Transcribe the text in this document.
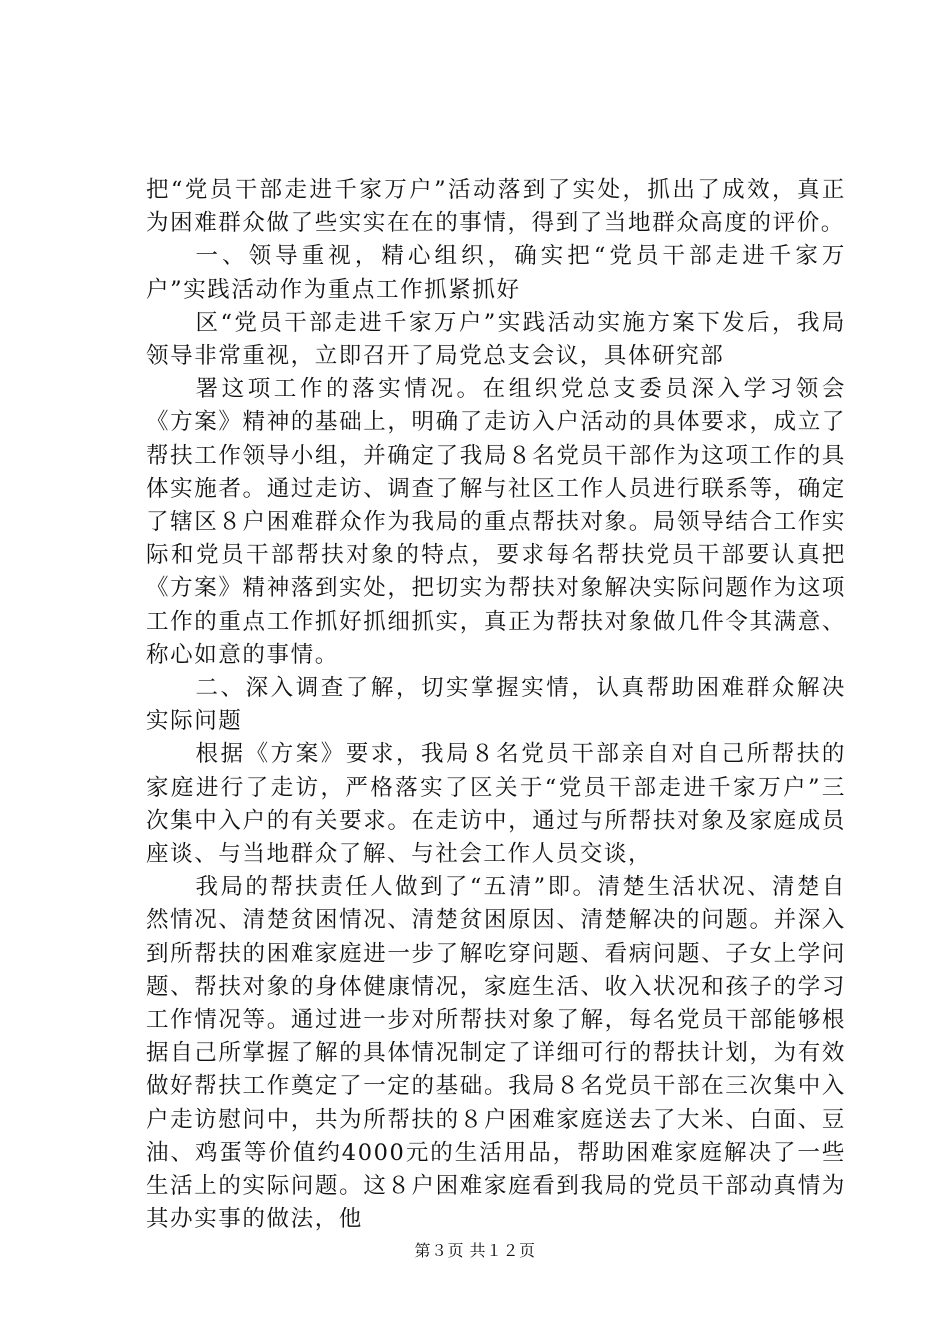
把“党员干部走进千家万户”活动落到了实处，抓出了成效，真正为困难群众做了些实实在在的事情，得到了当地群众高度的评价。

一、领导重视，精心组织，确实把“党员干部走进千家万户”实践活动作为重点工作抓紧抓好

区“党员干部走进千家万户”实践活动实施方案下发后，我局领导非常重视，立即召开了局党总支会议，具体研究部

署这项工作的落实情况。在组织党总支委员深入学习领会《方案》精神的基础上，明确了走访入户活动的具体要求，成立了帮扶工作领导小组，并确定了我局８名党员干部作为这项工作的具体实施者。通过走访、调查了解与社区工作人员进行联系等，确定了辖区８户困难群众作为我局的重点帮扶对象。局领导结合工作实际和党员干部帮扶对象的特点，要求每名帮扶党员干部要认真把《方案》精神落到实处，把切实为帮扶对象解决实际问题作为这项工作的重点工作抓好抓细抓实，真正为帮扶对象做几件令其满意、称心如意的事情。

二、深入调查了解，切实掌握实情，认真帮助困难群众解决实际问题

根据《方案》要求，我局８名党员干部亲自对自己所帮扶的家庭进行了走访，严格落实了区关于“党员干部走进千家万户”三次集中入户的有关要求。在走访中，通过与所帮扶对象及家庭成员座谈、与当地群众了解、与社会工作人员交谈，

我局的帮扶责任人做到了“五清”即。清楚生活状况、清楚自然情况、清楚贫困情况、清楚贫困原因、清楚解决的问题。并深入到所帮扶的困难家庭进一步了解吃穿问题、看病问题、子女上学问题、帮扶对象的身体健康情况，家庭生活、收入状况和孩子的学习工作情况等。通过进一步对所帮扶对象了解，每名党员干部能够根据自己所掌握了解的具体情况制定了详细可行的帮扶计划，为有效做好帮扶工作奠定了一定的基础。我局８名党员干部在三次集中入户走访慰问中，共为所帮扶的８户困难家庭送去了大米、白面、豆油、鸡蛋等价值约4000元的生活用品，帮助困难家庭解决了一些生活上的实际问题。这８户困难家庭看到我局的党员干部动真情为其办实事的做法，他

第３页 共１２页
